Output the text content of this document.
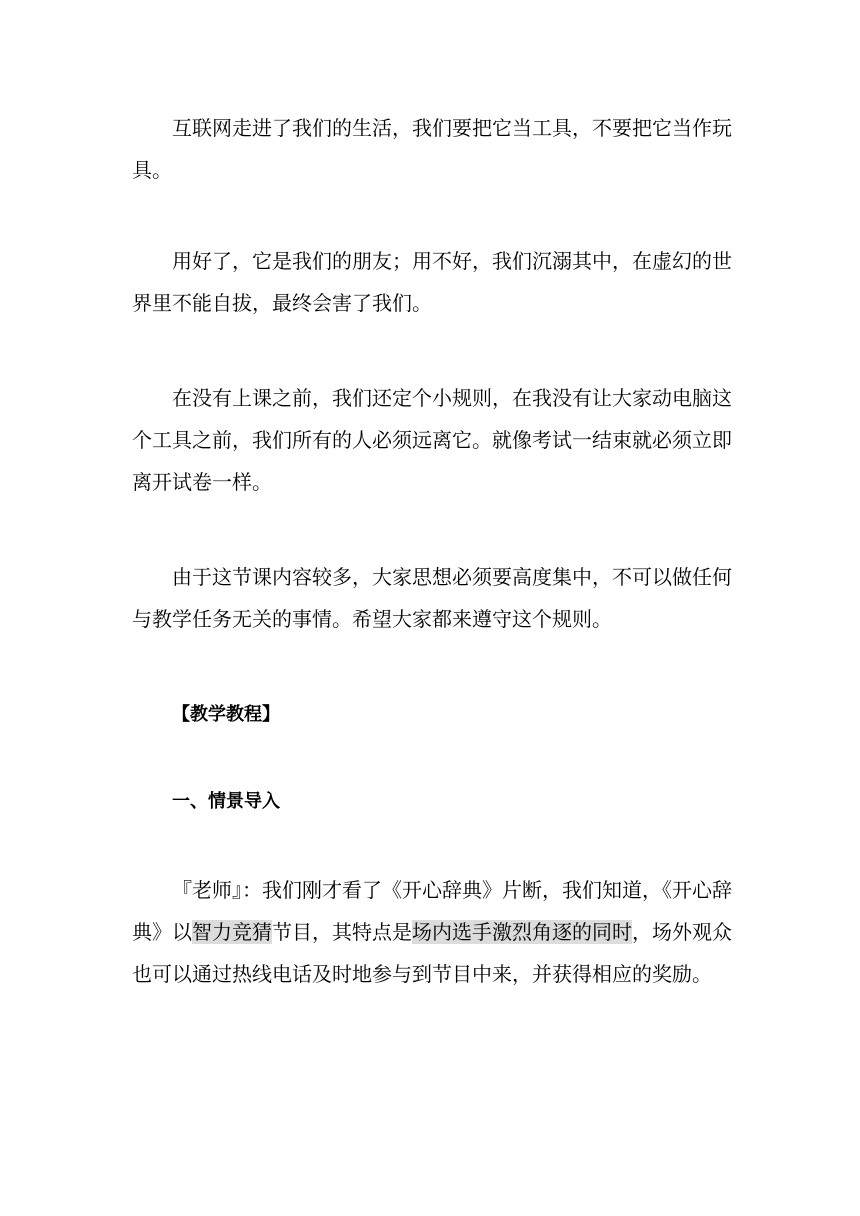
互联网走进了我们的生活，我们要把它当工具，不要把它当作玩具。

用好了，它是我们的朋友；用不好，我们沉溺其中，在虚幻的世界里不能自拔，最终会害了我们。

在没有上课之前，我们还定个小规则，在我没有让大家动电脑这个工具之前，我们所有的人必须远离它。就像考试一结束就必须立即离开试卷一样。

由于这节课内容较多，大家思想必须要高度集中，不可以做任何与教学任务无关的事情。希望大家都来遵守这个规则。

【教学教程】
一、情景导入

『老师』：我们刚才看了《开心辞典》片断，我们知道，《开心辞典》以智力竞猜节目，其特点是场内选手激烈角逐的同时，场外观众也可以通过热线电话及时地参与到节目中来，并获得相应的奖励。
